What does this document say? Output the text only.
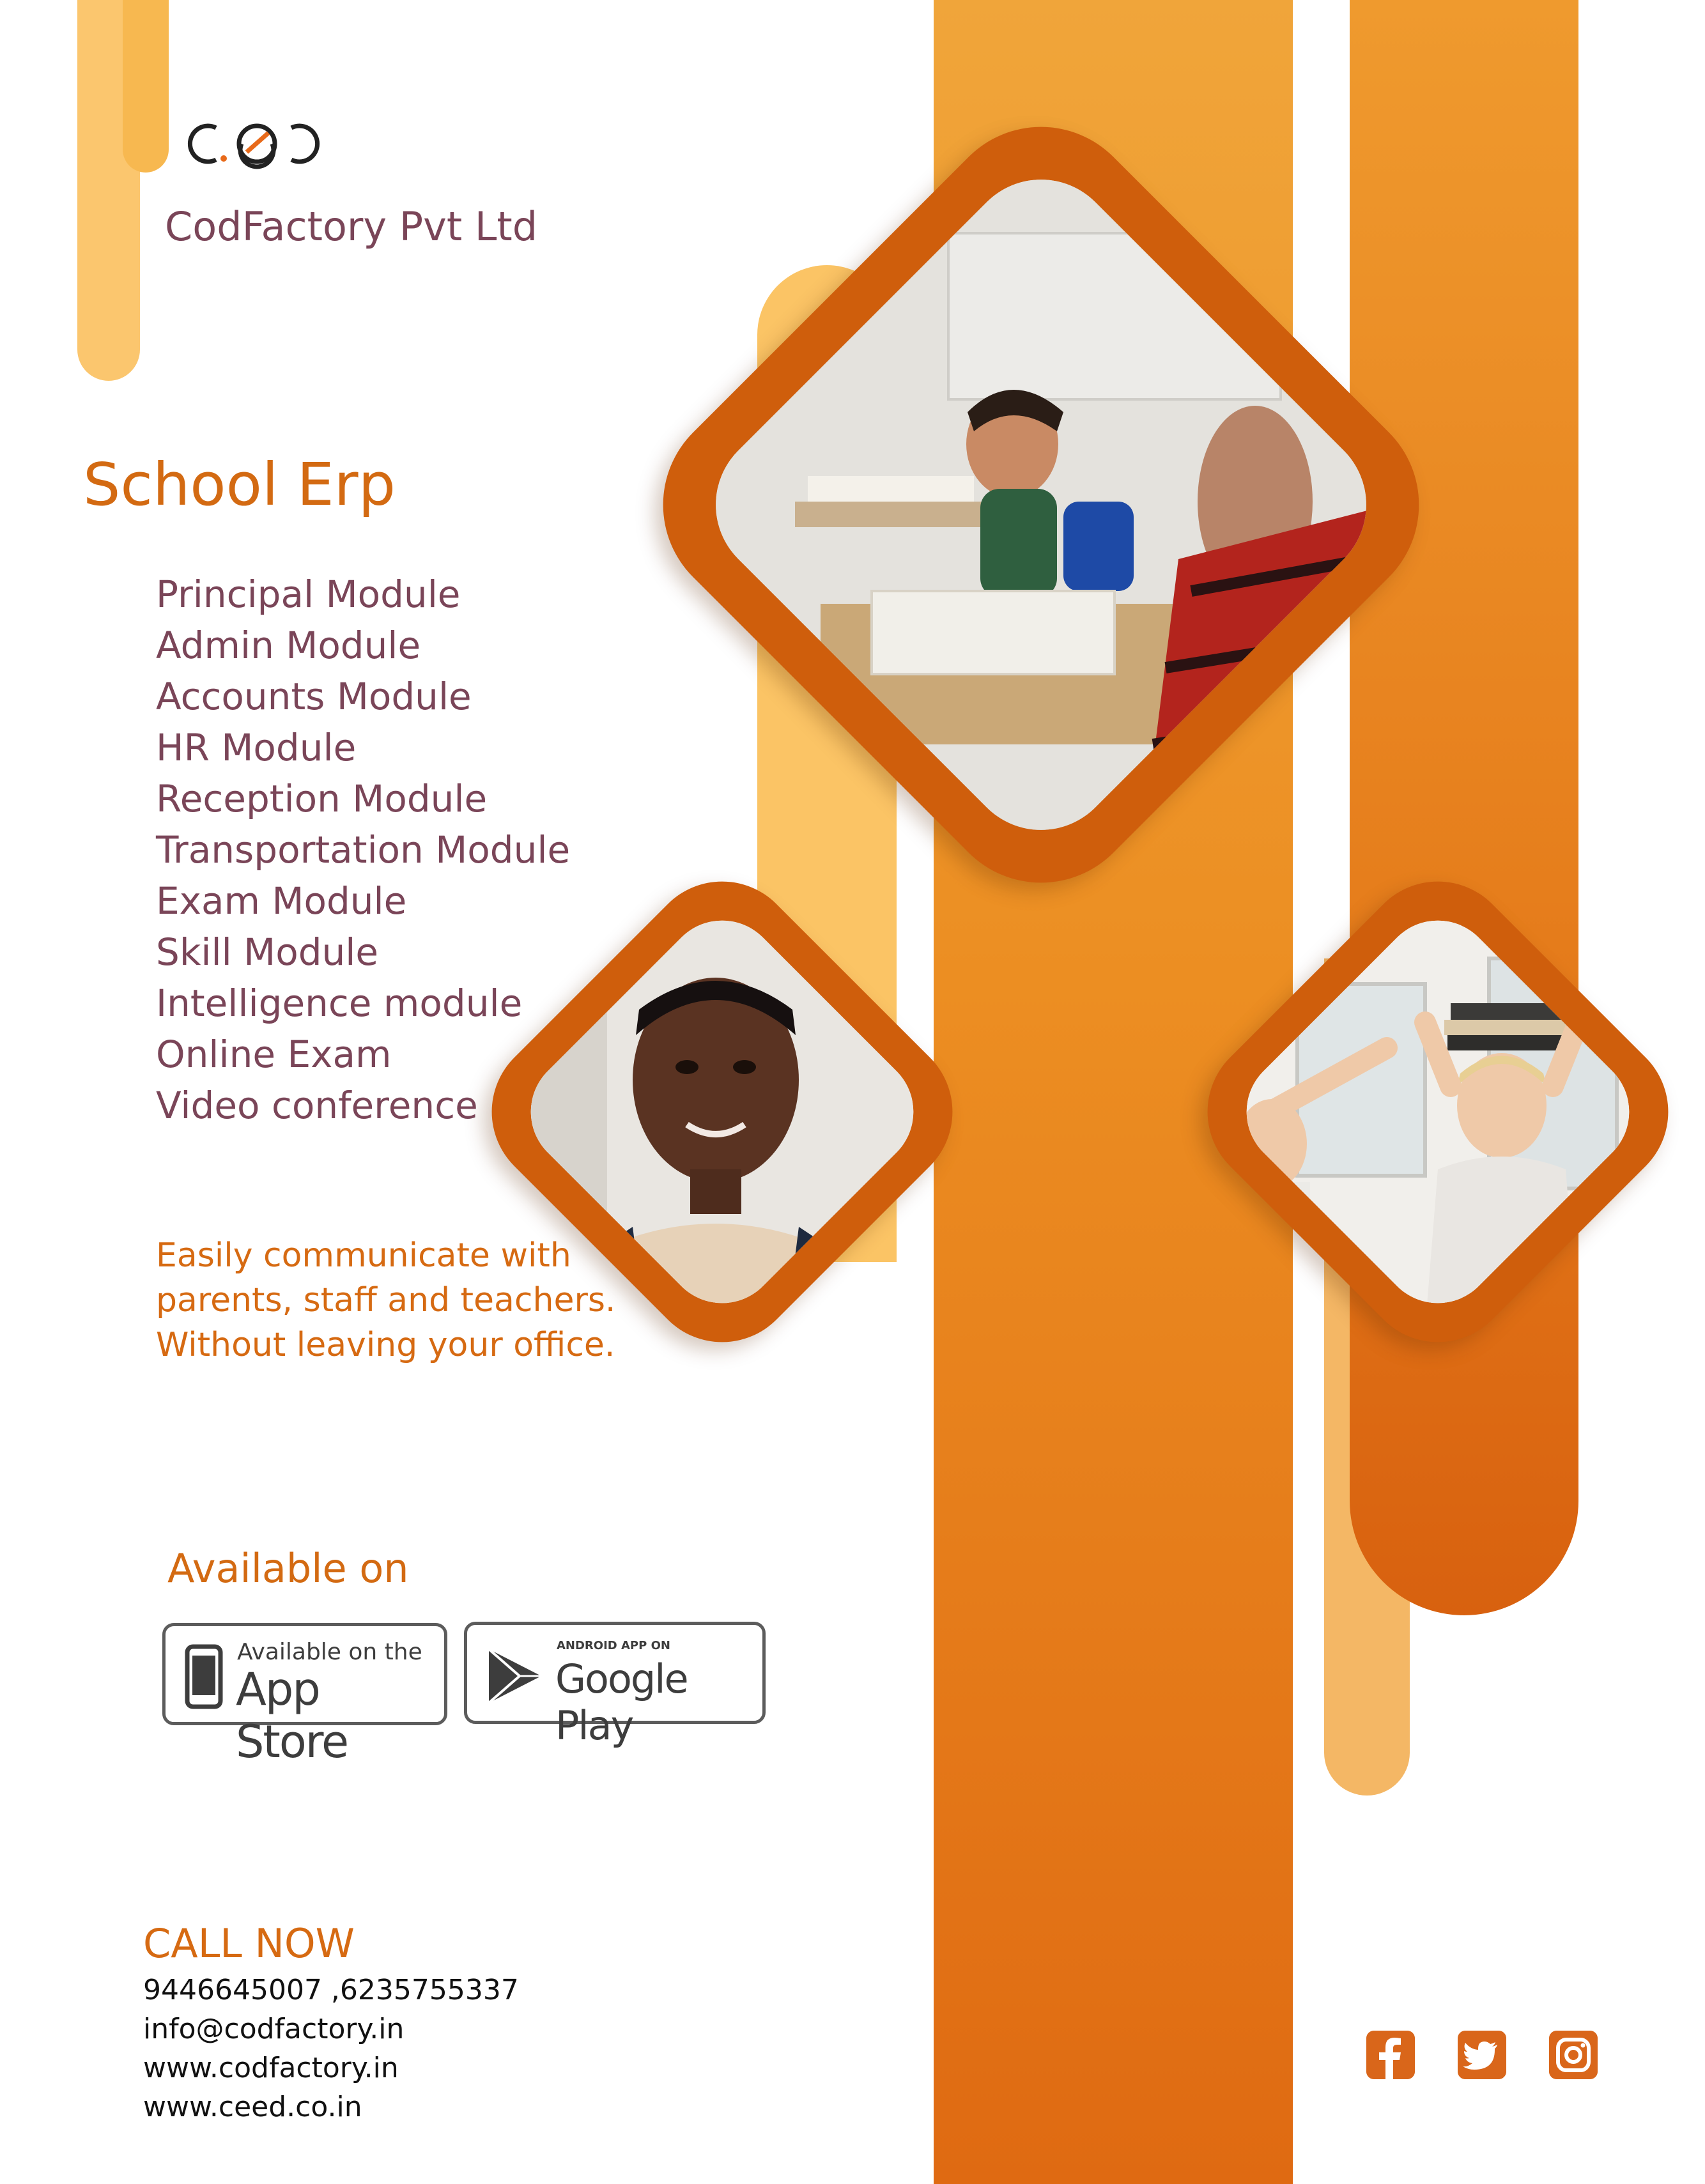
CodFactory Pvt Ltd
School Erp
Principal Module
Admin Module
Accounts Module
HR Module
Reception Module
Transportation Module
Exam Module
Skill Module
Intelligence module
Online Exam
Video conference
Easily communicate with parents, staff and teachers. Without leaving your office.
Available on
Available on the
App Store
ANDROID APP ON
Google Play
CALL NOW
9446645007 ,6235755337
info@codfactory.in
www.codfactory.in
www.ceed.co.in
